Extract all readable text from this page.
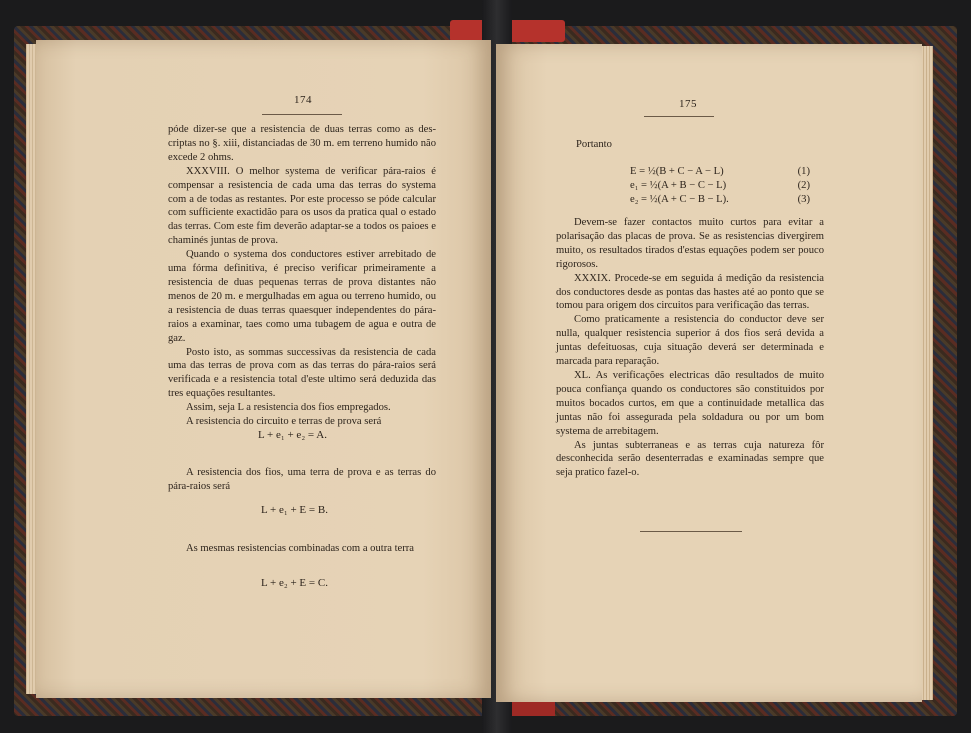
174

póde dizer-se que a resistencia de duas terras como as descriptas no §. xiii, distanciadas de 30 m. em terreno humido não excede 2 ohms.

XXXVIII. O melhor systema de verificar pára-raios é compensar a resistencia de cada uma das terras do systema com a de todas as restantes. Por este processo se póde calcular com sufficiente exactidão para os usos da pratica qual o estado das terras. Com este fim deverão adaptar-se a todos os paioes e chaminés juntas de prova.

Quando o systema dos conductores estiver arrebitado de uma fórma definitiva, é preciso verificar primeiramente a resistencia de duas pequenas terras de prova distantes não menos de 20 m. e mergulhadas em agua ou terreno humido, ou a resistencia de duas terras quaesquer independentes do pára-raios a examinar, taes como uma tubagem de agua e outra de gaz.

Posto isto, as sommas successivas da resistencia de cada uma das terras de prova com as das terras do pára-raios será verificada e a resistencia total d'este ultimo será deduzida das tres equações resultantes.

Assim, seja L a resistencia dos fios empregados.

A resistencia do circuito e terras de prova será

L + e₁ + e₂ = A.

A resistencia dos fios, uma terra de prova e as terras do pára-raios será

L + e₁ + E = B.

As mesmas resistencias combinadas com a outra terra

L + e₂ + E = C.
175

Portanto

E = ½(B + C − A − L)	(1)
e₁ = ½(A + B − C − L)	(2)
e₂ = ½(A + C − B − L).	(3)

Devem-se fazer contactos muito curtos para evitar a polarisação das placas de prova. Se as resistencias divergirem muito, os resultados tirados d'estas equações podem ser pouco rigorosos.

XXXIX. Procede-se em seguida á medição da resistencia dos conductores desde as pontas das hastes até ao ponto que se tomou para origem dos circuitos para verificação das terras.

Como praticamente a resistencia do conductor deve ser nulla, qualquer resistencia superior á dos fios será devida a juntas defeituosas, cuja situação deverá ser determinada e marcada para reparação.

XL. As verificações electricas dão resultados de muito pouca confiança quando os conductores são constituidos por muitos bocados curtos, em que a continuidade metallica das juntas não foi assegurada pela soldadura ou por um bom systema de arrebitagem.

As juntas subterraneas e as terras cuja natureza fôr desconhecida serão desenterradas e examinadas sempre que seja pratico fazel-o.
